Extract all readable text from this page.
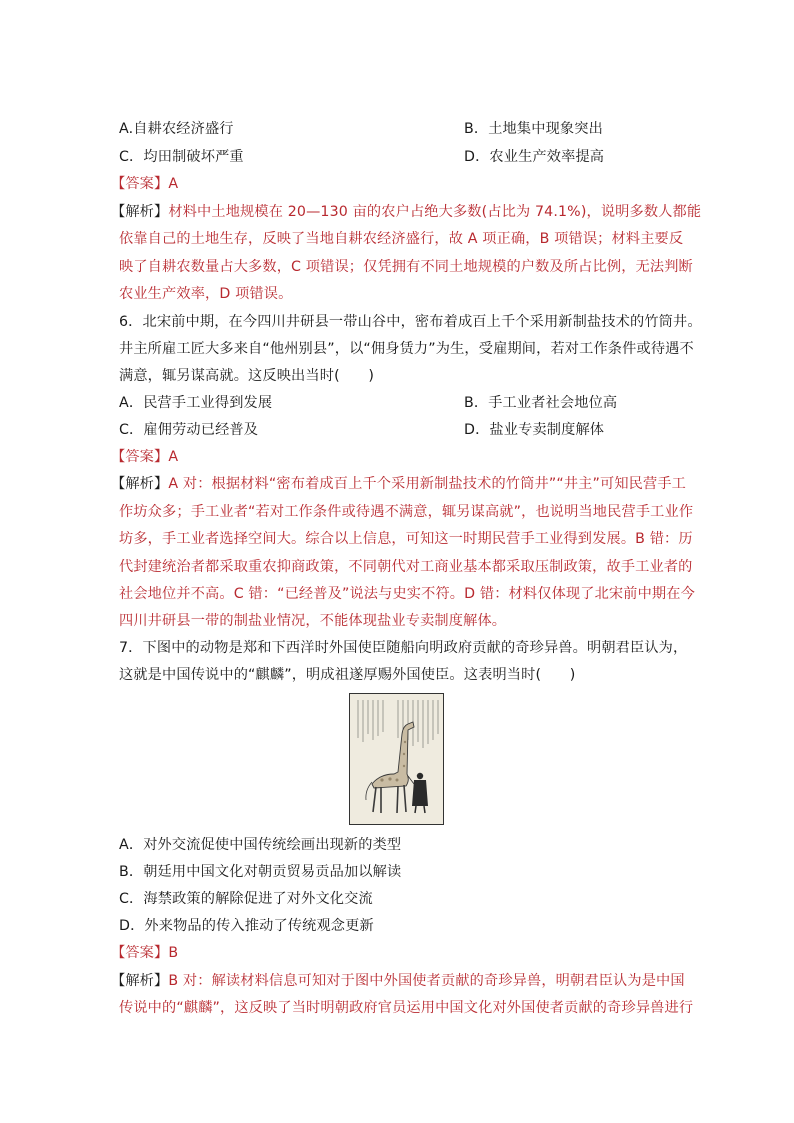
A.自耕农经济盛行	B．土地集中现象突出
C．均田制破坏严重	D．农业生产效率提高
【答案】A
【解析】材料中土地规模在 20—130 亩的农户占绝大多数(占比为 74.1%)，说明多数人都能
依靠自己的土地生存，反映了当地自耕农经济盛行，故 A 项正确，B 项错误；材料主要反
映了自耕农数量占大多数，C 项错误；仅凭拥有不同土地规模的户数及所占比例，无法判断
农业生产效率，D 项错误。
6．北宋前中期，在今四川井研县一带山谷中，密布着成百上千个采用新制盐技术的竹筒井。
井主所雇工匠大多来自“他州别县”，以“佣身赁力”为生，受雇期间，若对工作条件或待遇不
满意，辄另谋高就。这反映出当时(　　)
A．民营手工业得到发展	B．手工业者社会地位高
C．雇佣劳动已经普及	D．盐业专卖制度解体
【答案】A
【解析】A 对：根据材料“密布着成百上千个采用新制盐技术的竹筒井”“井主”可知民营手工
作坊众多；手工业者“若对工作条件或待遇不满意，辄另谋高就”，也说明当地民营手工业作
坊多，手工业者选择空间大。综合以上信息，可知这一时期民营手工业得到发展。B 错：历
代封建统治者都采取重农抑商政策，不同朝代对工商业基本都采取压制政策，故手工业者的
社会地位并不高。C 错：“已经普及”说法与史实不符。D 错：材料仅体现了北宋前中期在今
四川井研县一带的制盐业情况，不能体现盐业专卖制度解体。
7．下图中的动物是郑和下西洋时外国使臣随船向明政府贡献的奇珍异兽。明朝君臣认为，
这就是中国传说中的“麒麟”，明成祖遂厚赐外国使臣。这表明当时(　　)
A．对外交流促使中国传统绘画出现新的类型
B．朝廷用中国文化对朝贡贸易贡品加以解读
C．海禁政策的解除促进了对外文化交流
D．外来物品的传入推动了传统观念更新
【答案】B
【解析】B 对：解读材料信息可知对于图中外国使者贡献的奇珍异兽，明朝君臣认为是中国
传说中的“麒麟”，这反映了当时明朝政府官员运用中国文化对外国使者贡献的奇珍异兽进行
